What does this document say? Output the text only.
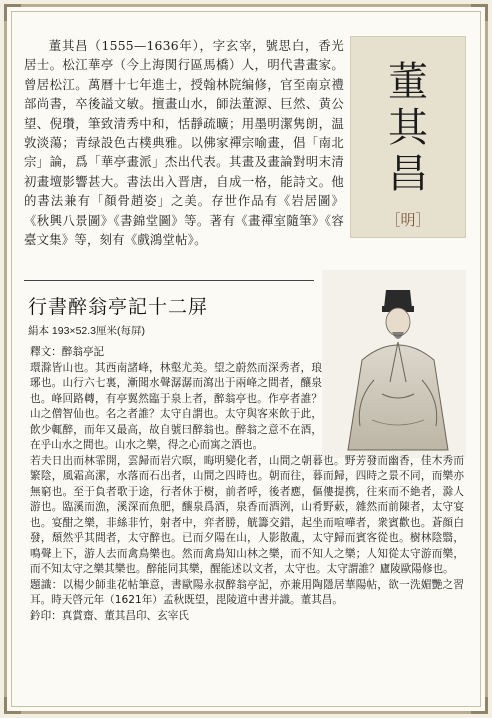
董其昌（1555—1636年），字玄宰，號思白，香光居士。松江華亭（今上海関行區馬橋）人，明代書畫家。曾居松江。萬曆十七年進士，授翰林院编修，官至南京禮部尚書，卒後謚文敏。擅畫山水，師法董源、巨然、黄公望、倪瓚，筆致清秀中和，恬靜疏曠；用墨明潔隽朗，温敦淡蕩；青绿設色古樸典雅。以佛家禪宗喻畫，倡「南北宗」論，爲「華亭畫派」杰出代表。其畫及畫論對明末清初畫壇影響甚大。書法出入晋唐，自成一格，能詩文。他的書法兼有「顏骨趙姿」之美。存世作品有《岩居圖》《秋興八景圖》《書錦堂圖》等。著有《畫禪室隨筆》《容臺文集》等，刻有《戲鴻堂帖》。
董其昌
［明］
行書醉翁亭記十二屏
絹本 193×52.3厘米(每屏)

釋文：醉翁亭記

環滁皆山也。其西南諸峰，林壑尤美。望之蔚然而深秀者，琅琊也。山行六七裏，漸聞水聲潺潺而瀉出于兩峰之間者，釀泉也。峰回路轉，有亭翼然臨于泉上者，醉翁亭也。作亭者誰？山之僧智仙也。名之者誰？太守自謂也。太守與客來飲于此，飲少輒醉，而年又最高，故自號曰醉翁也。醉翁之意不在酒，在乎山水之間也。山水之樂，得之心而寓之酒也。

若夫日出而林霏開，雲歸而岩穴暝，晦明變化者，山間之朝暮也。野芳發而幽香，佳木秀而繁陰，風霜高潔，水落而石出者，山間之四時也。朝而往，暮而歸，四時之景不同，而樂亦無窮也。至于負者歌于途，行者休于樹，前者呼，後者應，傴僂提携，往來而不絶者，滁人游也。臨溪而漁，溪深而魚肥，釀泉爲酒，泉香而酒洌，山肴野蔌，雜然而前陳者，太守宴也。宴酣之樂，非絲非竹，射者中，弈者勝，觥籌交錯，起坐而喧嘩者，衆賓歡也。蒼顔白發，頹然乎其間者，太守醉也。已而夕陽在山，人影散亂，太守歸而賓客從也。樹林陰翳，鳴聲上下，游人去而禽鳥樂也。然而禽鳥知山林之樂，而不知人之樂；人知從太守游而樂，而不知太守之樂其樂也。醉能同其樂，醒能述以文者，太守也。太守謂誰？廬陵歐陽修也。

題識：以楊少師韭花帖筆意，書歐陽永叔醉翁亭記，亦兼用陶隱居華陽帖，欲一洗媚艷之習耳。時天啓元年（1621年）孟秋既望，毘陵道中書并識。董其昌。

鈐印：真賞齋、董其昌印、玄宰氏
